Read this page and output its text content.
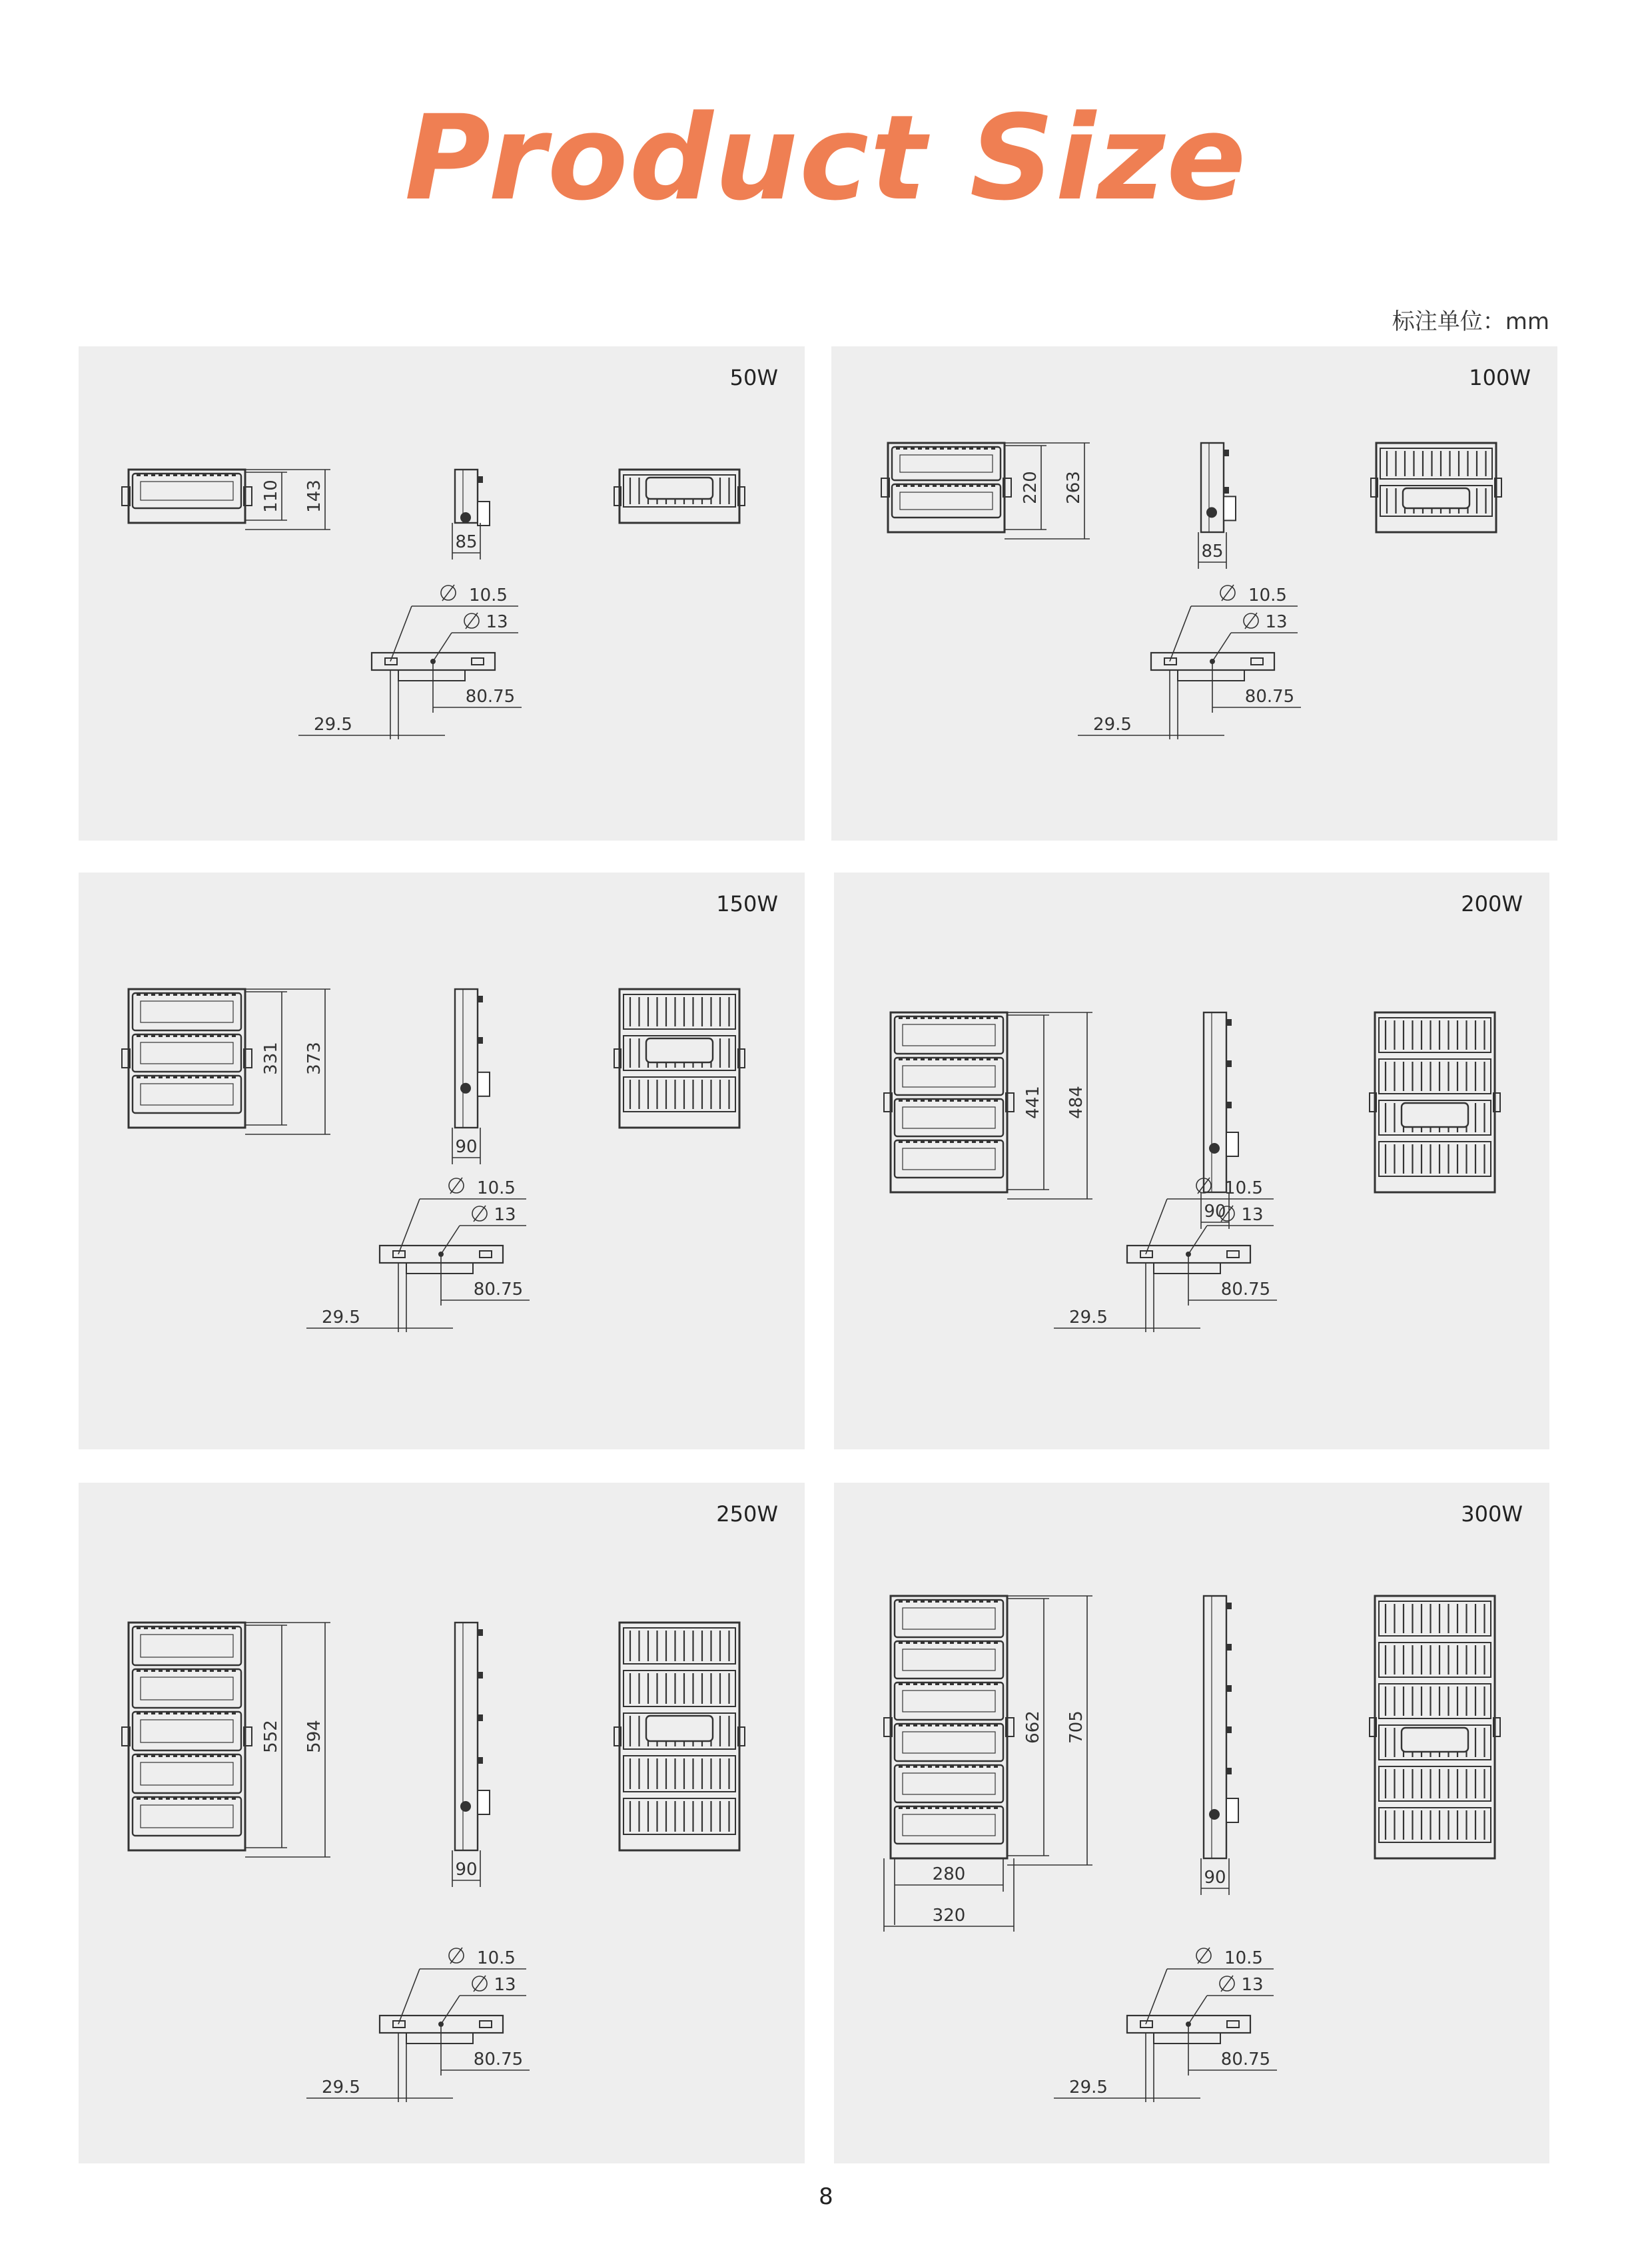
Product Size
标注单位：mm
50W
110 143
85
10.5
13
80.75
29.5
100W
220 263
85
10.5
13
80.75
29.5
150W
331 373
90
10.5
13
80.75
29.5
200W
441 484
90
10.5
13
80.75
29.5
250W
552 594
90
10.5
13
80.75
29.5
300W
662 705
280
320
90
10.5
13
80.75
29.5
8
